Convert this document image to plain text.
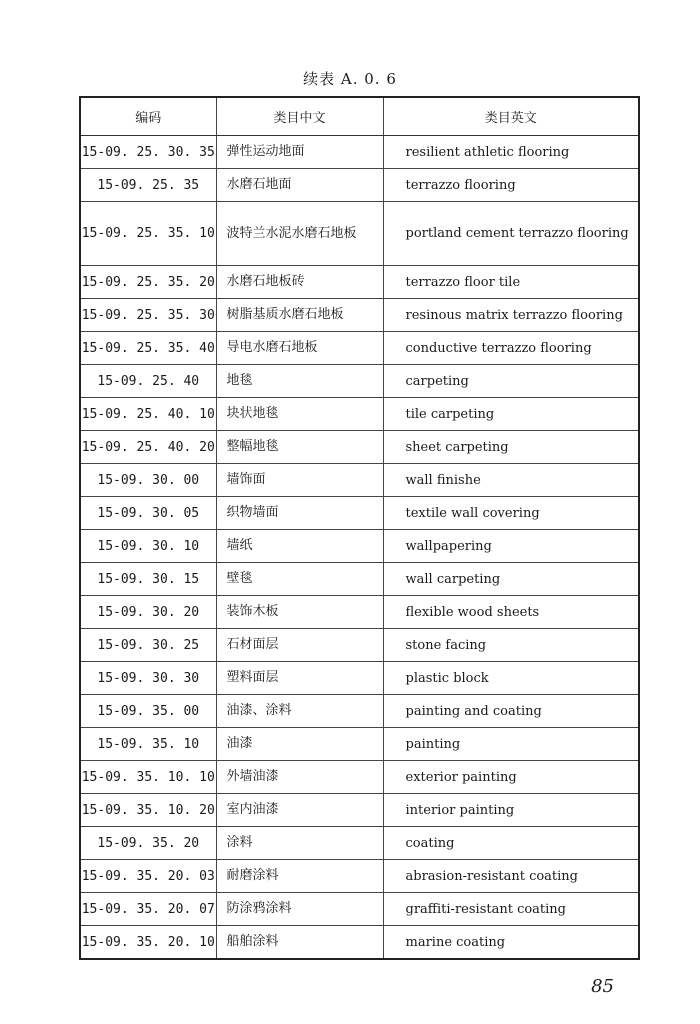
续表 A. 0. 6
编码	类目中文	类目英文
15-09. 25. 30. 35	弹性运动地面	resilient athletic flooring
15-09. 25. 35	水磨石地面	terrazzo flooring
15-09. 25. 35. 10	波特兰水泥水磨石地板	portland cement terrazzo flooring
15-09. 25. 35. 20	水磨石地板砖	terrazzo floor tile
15-09. 25. 35. 30	树脂基质水磨石地板	resinous matrix terrazzo flooring
15-09. 25. 35. 40	导电水磨石地板	conductive terrazzo flooring
15-09. 25. 40	地毯	carpeting
15-09. 25. 40. 10	块状地毯	tile carpeting
15-09. 25. 40. 20	整幅地毯	sheet carpeting
15-09. 30. 00	墙饰面	wall finishe
15-09. 30. 05	织物墙面	textile wall covering
15-09. 30. 10	墙纸	wallpapering
15-09. 30. 15	壁毯	wall carpeting
15-09. 30. 20	装饰木板	flexible wood sheets
15-09. 30. 25	石材面层	stone facing
15-09. 30. 30	塑料面层	plastic block
15-09. 35. 00	油漆、涂料	painting and coating
15-09. 35. 10	油漆	painting
15-09. 35. 10. 10	外墙油漆	exterior painting
15-09. 35. 10. 20	室内油漆	interior painting
15-09. 35. 20	涂料	coating
15-09. 35. 20. 03	耐磨涂料	abrasion-resistant coating
15-09. 35. 20. 07	防涂鸦涂料	graffiti-resistant coating
15-09. 35. 20. 10	船舶涂料	marine coating
85
